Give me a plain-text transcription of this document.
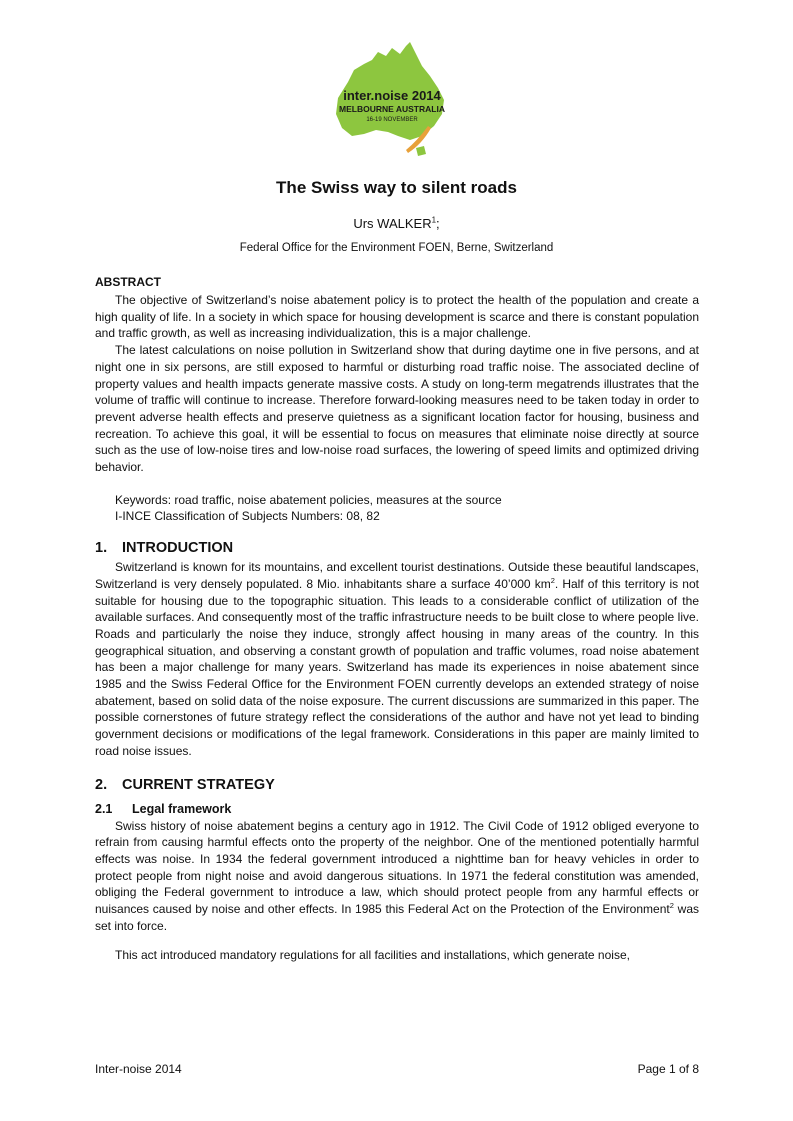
inter.noise 2014
MELBOURNE AUSTRALIA
16-19 NOVEMBER
The Swiss way to silent roads
Urs WALKER$^1$;
Federal Office for the Environment FOEN, Berne, Switzerland
ABSTRACT

The objective of Switzerland’s noise abatement policy is to protect the health of the population and create a high quality of life. In a society in which space for housing development is scarce and there is constant population and traffic growth, as well as increasing individualization, this is a major challenge.

The latest calculations on noise pollution in Switzerland show that during daytime one in five persons, and at night one in six persons, are still exposed to harmful or disturbing road traffic noise. The associated decline of property values and health impacts generate massive costs. A study on long-term megatrends illustrates that the volume of traffic will continue to increase. Therefore forward-looking measures need to be taken today in order to prevent adverse health effects and preserve quietness as a significant location factor for housing, business and recreation. To achieve this goal, it will be essential to focus on measures that eliminate noise directly at source such as the use of low-noise tires and low-noise road surfaces, the lowering of speed limits and optimized driving behavior.

Keywords: road traffic, noise abatement policies, measures at the source

I-INCE Classification of Subjects Numbers: 08, 82

1. INTRODUCTION

Switzerland is known for its mountains, and excellent tourist destinations. Outside these beautiful landscapes, Switzerland is very densely populated. 8 Mio. inhabitants share a surface 40’000 $km^2$. Half of this territory is not suitable for housing due to the topographic situation. This leads to a considerable conflict of utilization of the available surfaces. And consequently most of the traffic infrastructure needs to be built close to where people live. Roads and particularly the noise they induce, strongly affect housing in many areas of the country. In this geographical situation, and observing a constant growth of population and traffic volumes, road noise abatement has been a major challenge for many years. Switzerland has made its experiences in noise abatement since 1985 and the Swiss Federal Office for the Environment FOEN currently develops an extended strategy of noise abatement, based on solid data of the noise exposure. The current discussions are summarized in this paper. The possible cornerstones of future strategy reflect the considerations of the author and have not yet lead to binding government decisions or modifications of the legal framework. Considerations in this paper are mainly limited to road noise issues.

2. CURRENT STRATEGY
2.1 Legal framework

Swiss history of noise abatement begins a century ago in 1912. The Civil Code of 1912 obliged everyone to refrain from causing harmful effects onto the property of the neighbor. One of the mentioned potentially harmful effects was noise. In 1934 the federal government introduced a nighttime ban for heavy vehicles in order to protect people from night noise and avoid dangerous situations. In 1971 the federal constitution was amended, obliging the Federal government to introduce a law, which should protect people from any harmful effects or nuisances caused by noise and other effects. In 1985 this Federal Act on the Protection of the Environment$^2$ was set into force.

This act introduced mandatory regulations for all facilities and installations, which generate noise,

Inter-noise 2014	Page 1 of 8
